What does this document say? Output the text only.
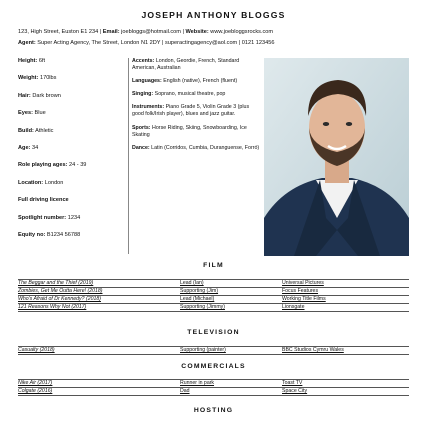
JOSEPH ANTHONY BLOGGS
123, High Street, Euston E1 234 | Email: joebloggs@hotmail.com | Website: www.joebloggsrocks.com
Agent: Super Acting Agency, The Street, London N1 2DY | superactingagency@aol.com | 0121 123456
Height: 6ft
Weight: 170lbs
Hair: Dark brown
Eyes: Blue
Build: Athletic
Age: 34
Role playing ages: 24 - 39
Location: London
Full driving licence
Spotlight number: 1234
Equity no: B1234 56788
Accents: London, Geordie, French, Standard American, Australian
Languages: English (native), French (fluent)
Singing: Soprano, musical theatre, pop
Instruments: Piano Grade 5, Violin Grade 3 (plus good folk/Irish player), blues and jazz guitar.
Sports: Horse Riding, Skiing, Snowboarding, Ice Skating
Dance: Latin (Corridos, Cumbia, Duranguense, Forró)
FILM
The Beggar and the Thief (2019)	Lead (Ian)	Universal Pictures
Zombies, Get Me Outta Here! (2018)	Supporting (Jim)	Focus Features
Who's Afraid of Dr Kennedy? (2018)	Lead (Michael)	Working Title Films
121 Reasons Why Not (2017)	Supporting (Jimmy)	Lionsgate
TELEVISION
Casualty (2018)	Supporting (painter)	BBC Studios Cymru Wales
COMMERCIALS
Nike Air (2017)	Runner in park	Toast TV
Colgate (2016)	Dad	Space City
HOSTING
